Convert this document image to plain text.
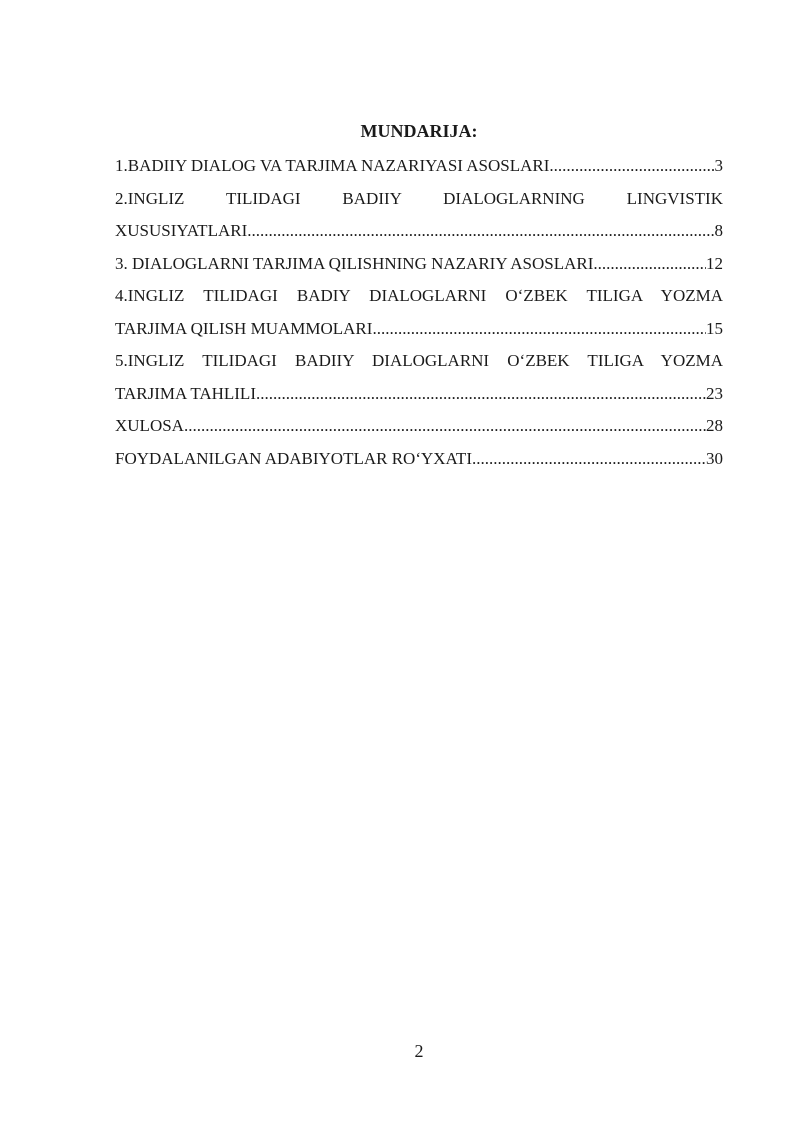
MUNDARIJA:
1.BADIIY DIALOG VA TARJIMA NAZARIYASI ASOSLARI .....	3
2.INGLIZ TILIDAGI BADIIY DIALOGLARNING LINGVISTIK
XUSUSIYATLARI .....	8
3. DIALOGLARNI TARJIMA QILISHNING NAZARIY ASOSLARI .....	12
4.INGLIZ TILIDAGI BADIY DIALOGLARNI O‘ZBEK TILIGA YOZMA
TARJIMA QILISH MUAMMOLARI .....	15
5.INGLIZ TILIDAGI BADIIY DIALOGLARNI O‘ZBEK TILIGA YOZMA
TARJIMA TAHLILI .....	23
XULOSA .....	28
FOYDALANILGAN ADABIYOTLAR RO‘YXATI .....	30
2
